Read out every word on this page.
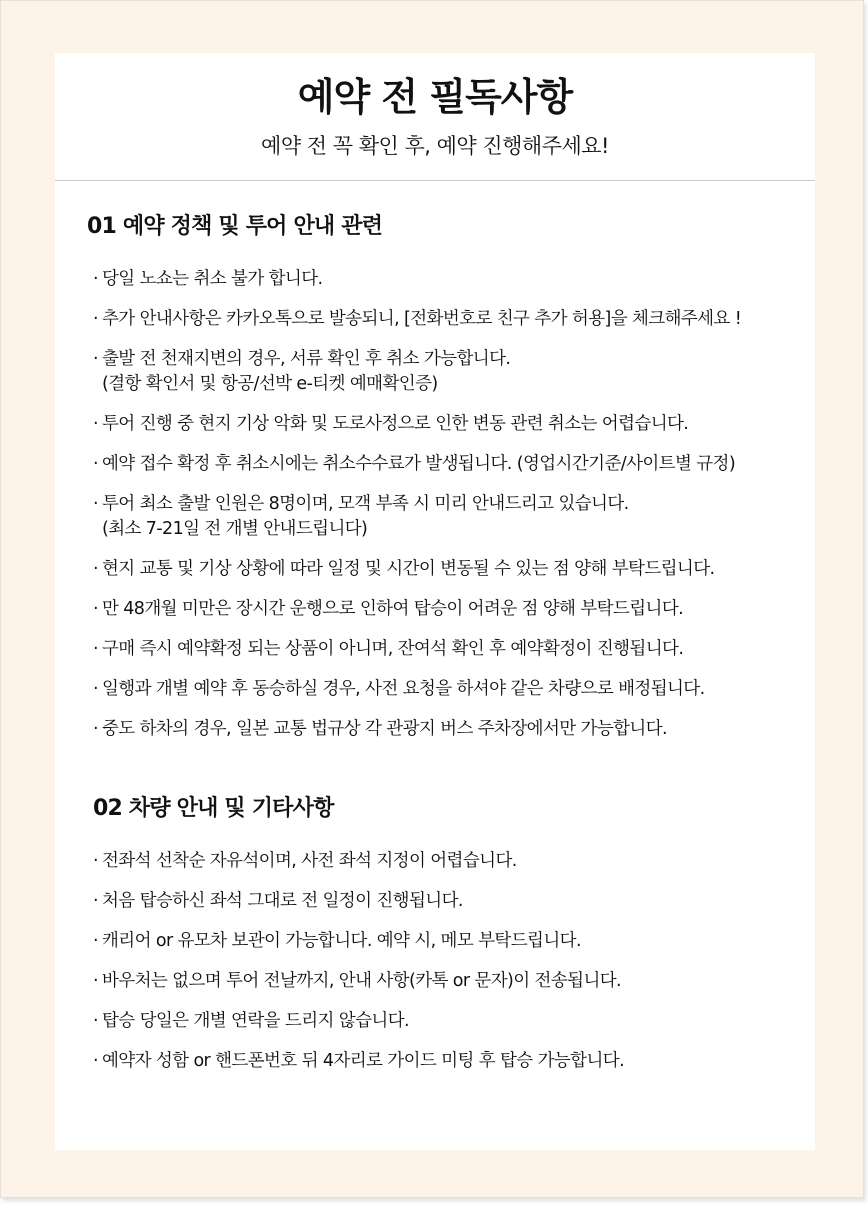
예약 전 필독사항
예약 전 꼭 확인 후, 예약 진행해주세요!
01 예약 정책 및 투어 안내 관련
· 당일 노쇼는 취소 불가 합니다.
· 추가 안내사항은 카카오톡으로 발송되니, [전화번호로 친구 추가 허용]을 체크해주세요 !
· 출발 전 천재지변의 경우, 서류 확인 후 취소 가능합니다.
(결항 확인서 및 항공/선박 e-티켓 예매확인증)
· 투어 진행 중 현지 기상 악화 및 도로사정으로 인한 변동 관련 취소는 어렵습니다.
· 예약 접수 확정 후 취소시에는 취소수수료가 발생됩니다. (영업시간기준/사이트별 규정)
· 투어 최소 출발 인원은 8명이며, 모객 부족 시 미리 안내드리고 있습니다.
(최소 7-21일 전 개별 안내드립니다)
· 현지 교통 및 기상 상황에 따라 일정 및 시간이 변동될 수 있는 점 양해 부탁드립니다.
· 만 48개월 미만은 장시간 운행으로 인하여 탑승이 어려운 점 양해 부탁드립니다.
· 구매 즉시 예약확정 되는 상품이 아니며, 잔여석 확인 후 예약확정이 진행됩니다.
· 일행과 개별 예약 후 동승하실 경우, 사전 요청을 하셔야 같은 차량으로 배정됩니다.
· 중도 하차의 경우, 일본 교통 법규상 각 관광지 버스 주차장에서만 가능합니다.
02 차량 안내 및 기타사항
· 전좌석 선착순 자유석이며, 사전 좌석 지정이 어렵습니다.
· 처음 탑승하신 좌석 그대로 전 일정이 진행됩니다.
· 캐리어 or 유모차 보관이 가능합니다. 예약 시, 메모 부탁드립니다.
· 바우처는 없으며 투어 전날까지, 안내 사항(카톡 or 문자)이 전송됩니다.
· 탑승 당일은 개별 연락을 드리지 않습니다.
· 예약자 성함 or 핸드폰번호 뒤 4자리로 가이드 미팅 후 탑승 가능합니다.
